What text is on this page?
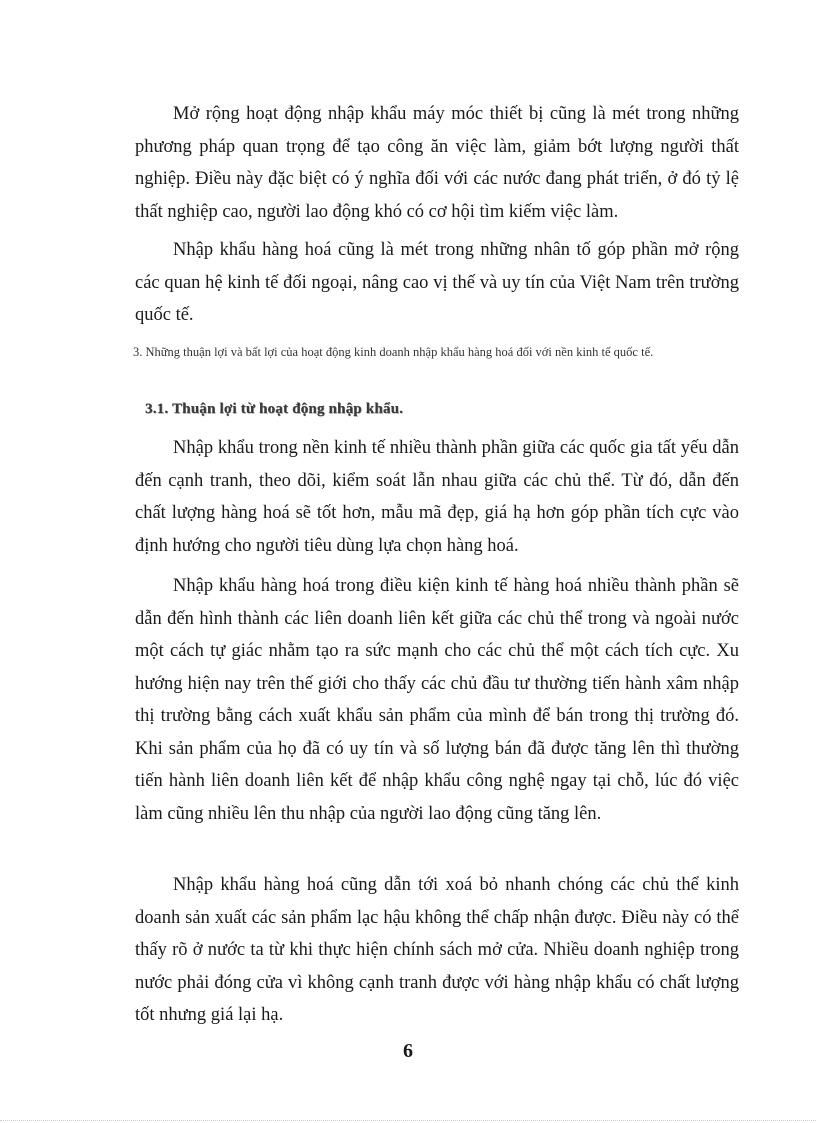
Mở rộng hoạt động nhập khẩu máy móc thiết bị cũng là mét trong những phương pháp quan trọng để tạo công ăn việc làm, giảm bớt lượng người thất nghiệp. Điều này đặc biệt có ý nghĩa đối với các nước đang phát triển, ở đó tỷ lệ thất nghiệp cao, người lao động khó có cơ hội tìm kiếm việc làm.

Nhập khẩu hàng hoá cũng là mét trong những nhân tố góp phần mở rộng các quan hệ kinh tế đối ngoại, nâng cao vị thế và uy tín của Việt Nam trên trường quốc tế.

3. Những thuận lợi và bất lợi của hoạt động kinh doanh nhập khẩu hàng hoá đối với nền kinh tế quốc tế.

3.1. Thuận lợi từ hoạt động nhập khẩu.

Nhập khẩu trong nền kinh tế nhiều thành phần giữa các quốc gia tất yếu dẫn đến cạnh tranh, theo dõi, kiểm soát lẫn nhau giữa các chủ thể. Từ đó, dẫn đến chất lượng hàng hoá sẽ tốt hơn, mẫu mã đẹp, giá hạ hơn góp phần tích cực vào định hướng cho người tiêu dùng lựa chọn hàng hoá.

Nhập khẩu hàng hoá trong điều kiện kinh tế hàng hoá nhiều thành phần sẽ dẫn đến hình thành các liên doanh liên kết giữa các chủ thể trong và ngoài nước một cách tự giác nhằm tạo ra sức mạnh cho các chủ thể một cách tích cực. Xu hướng hiện nay trên thế giới cho thấy các chủ đầu tư thường tiến hành xâm nhập thị trường bằng cách xuất khẩu sản phẩm của mình để bán trong thị trường đó. Khi sản phẩm của họ đã có uy tín và số lượng bán đã được tăng lên thì thường tiến hành liên doanh liên kết để nhập khẩu công nghệ ngay tại chỗ, lúc đó việc làm cũng nhiều lên thu nhập của người lao động cũng tăng lên.

Nhập khẩu hàng hoá cũng dẫn tới xoá bỏ nhanh chóng các chủ thể kinh doanh sản xuất các sản phẩm lạc hậu không thể chấp nhận được. Điều này có thể thấy rõ ở nước ta từ khi thực hiện chính sách mở cửa. Nhiều doanh nghiệp trong nước phải đóng cửa vì không cạnh tranh được với hàng nhập khẩu có chất lượng tốt nhưng giá lại hạ.

6
